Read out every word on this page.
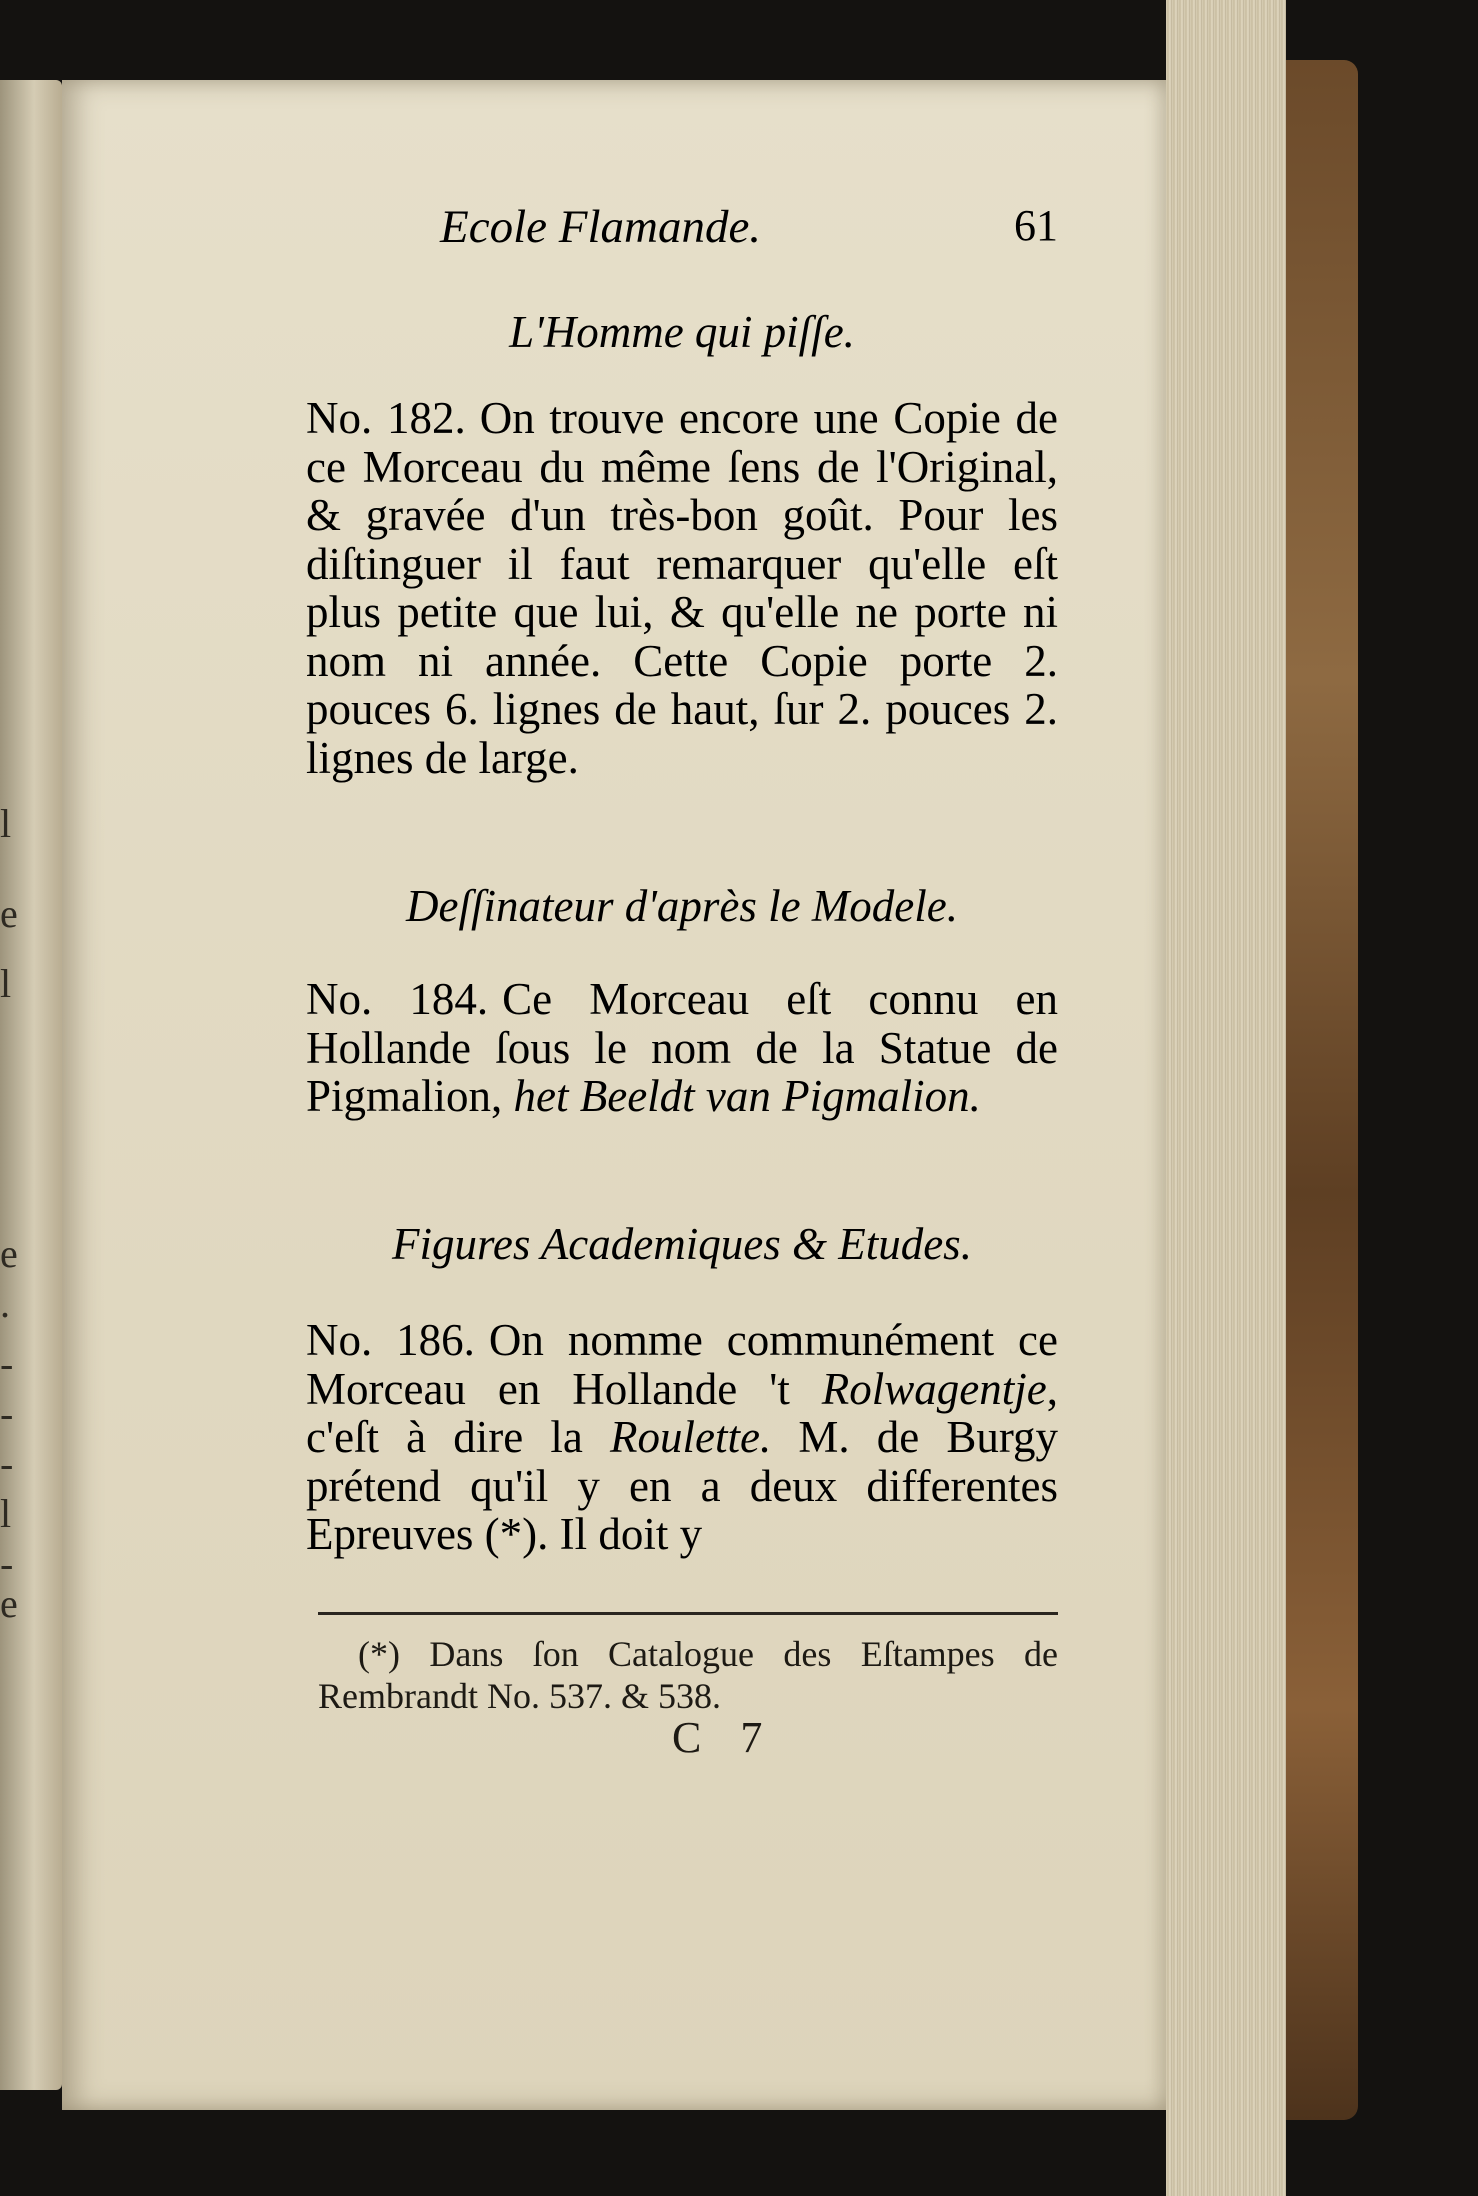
e
l
l
e
.
-
-
-
l
-
e
Ecole Flamande.	61
L'Homme qui piſſe.
No. 182. On trouve encore une Copie de ce Morceau du même ſens de l'Original, & gravée d'un très-bon goût. Pour les diſtinguer il faut remarquer qu'elle eſt plus petite que lui, & qu'elle ne porte ni nom ni année. Cette Copie porte 2. pouces 6. lignes de haut, ſur 2. pouces 2. lignes de large.
Deſſinateur d'après le Modele.
No. 184. Ce Morceau eſt connu en Hollande ſous le nom de la Statue de Pigmalion, het Beeldt van Pigmalion.
Figures Academiques & Etudes.
No. 186. On nomme communément ce Morceau en Hollande 't Rolwagentje, c'eſt à dire la Roulette. M. de Burgy prétend qu'il y en a deux differentes Epreuves (*). Il doit y
(*) Dans ſon Catalogue des Eſtampes de Rembrandt No. 537. & 538.
C 7
